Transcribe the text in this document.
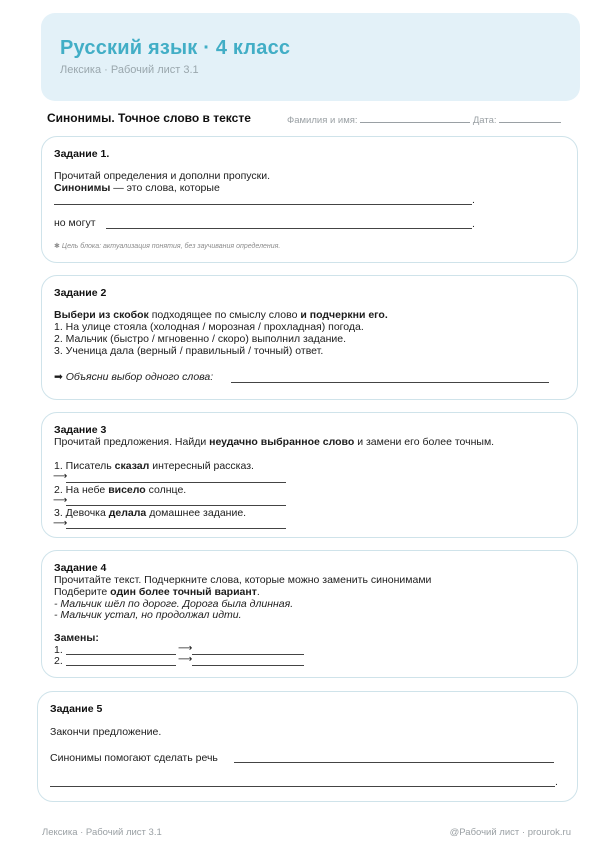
Русский язык · 4 класс
Лексика · Рабочий лист 3.1
Синонимы. Точное слово в тексте	Фамилия и имя:	Дата:
Задание 1.
Прочитай определения и дополни пропуски.
Синонимы — это слова, которые
.
но могут	.
✱ Цель блока: актуализация понятия, без заучивания определения.
Задание 2
Выбери из скобок подходящее по смыслу слово и подчеркни его.
1. На улице стояла (холодная / морозная / прохладная) погода.
2. Мальчик (быстро / мгновенно / скоро) выполнил задание.
3. Ученица дала (верный / правильный / точный) ответ.
➡ Объясни выбор одного слова:
Задание 3
Прочитай предложения. Найди неудачно выбранное слово и замени его более точным.
1. Писатель сказал интересный рассказ.
⟶
2. На небе висело солнце.
⟶
3. Девочка делала домашнее задание.
⟶
Задание 4
Прочитайте текст. Подчеркните слова, которые можно заменить синонимами
Подберите один более точный вариант.
- Мальчик шёл по дороге. Дорога была длинная.
- Мальчик устал, но продолжал идти.
Замены:
1.	⟶
2.	⟶
Задание 5
Закончи предложение.
Синонимы помогают сделать речь
.
Лексика · Рабочий лист 3.1	@Рабочий лист · prourok.ru
